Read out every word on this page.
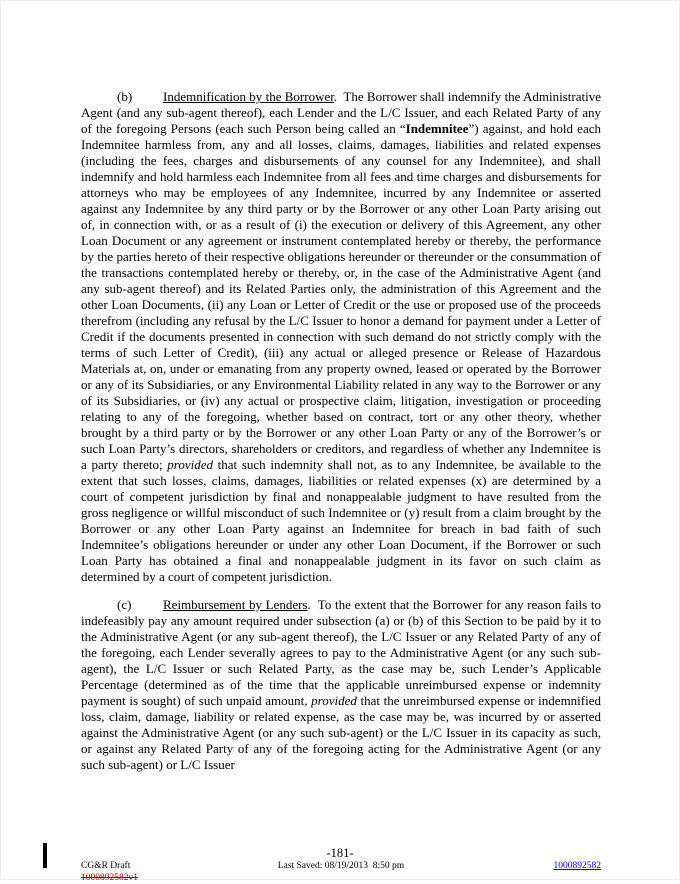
(b) Indemnification by the Borrower.  The Borrower shall indemnify the Administrative Agent (and any sub-agent thereof), each Lender and the L/C Issuer, and each Related Party of any of the foregoing Persons (each such Person being called an “Indemnitee”) against, and hold each Indemnitee harmless from, any and all losses, claims, damages, liabilities and related expenses (including the fees, charges and disbursements of any counsel for any Indemnitee), and shall indemnify and hold harmless each Indemnitee from all fees and time charges and disbursements for attorneys who may be employees of any Indemnitee, incurred by any Indemnitee or asserted against any Indemnitee by any third party or by the Borrower or any other Loan Party arising out of, in connection with, or as a result of (i) the execution or delivery of this Agreement, any other Loan Document or any agreement or instrument contemplated hereby or thereby, the performance by the parties hereto of their respective obligations hereunder or thereunder or the consummation of the transactions contemplated hereby or thereby, or, in the case of the Administrative Agent (and any sub-agent thereof) and its Related Parties only, the administration of this Agreement and the other Loan Documents, (ii) any Loan or Letter of Credit or the use or proposed use of the proceeds therefrom (including any refusal by the L/C Issuer to honor a demand for payment under a Letter of Credit if the documents presented in connection with such demand do not strictly comply with the terms of such Letter of Credit), (iii) any actual or alleged presence or Release of Hazardous Materials at, on, under or emanating from any property owned, leased or operated by the Borrower or any of its Subsidiaries, or any Environmental Liability related in any way to the Borrower or any of its Subsidiaries, or (iv) any actual or prospective claim, litigation, investigation or proceeding relating to any of the foregoing, whether based on contract, tort or any other theory, whether brought by a third party or by the Borrower or any other Loan Party or any of the Borrower’s or such Loan Party’s directors, shareholders or creditors, and regardless of whether any Indemnitee is a party thereto; provided that such indemnity shall not, as to any Indemnitee, be available to the extent that such losses, claims, damages, liabilities or related expenses (x) are determined by a court of competent jurisdiction by final and nonappealable judgment to have resulted from the gross negligence or willful misconduct of such Indemnitee or (y) result from a claim brought by the Borrower or any other Loan Party against an Indemnitee for breach in bad faith of such Indemnitee’s obligations hereunder or under any other Loan Document, if the Borrower or such Loan Party has obtained a final and nonappealable judgment in its favor on such claim as determined by a court of competent jurisdiction.

(c) Reimbursement by Lenders.  To the extent that the Borrower for any reason fails to indefeasibly pay any amount required under subsection (a) or (b) of this Section to be paid by it to the Administrative Agent (or any sub-agent thereof), the L/C Issuer or any Related Party of any of the foregoing, each Lender severally agrees to pay to the Administrative Agent (or any such sub-agent), the L/C Issuer or such Related Party, as the case may be, such Lender’s Applicable Percentage (determined as of the time that the applicable unreimbursed expense or indemnity payment is sought) of such unpaid amount, provided that the unreimbursed expense or indemnified loss, claim, damage, liability or related expense, as the case may be, was incurred by or asserted against the Administrative Agent (or any such sub-agent) or the L/C Issuer in its capacity as such, or against any Related Party of any of the foregoing acting for the Administrative Agent (or any such sub-agent) or L/C Issuer

-181-
CG&R Draft
1000892582v1
Last Saved: 08/19/2013  8:50 pm	1000892582
